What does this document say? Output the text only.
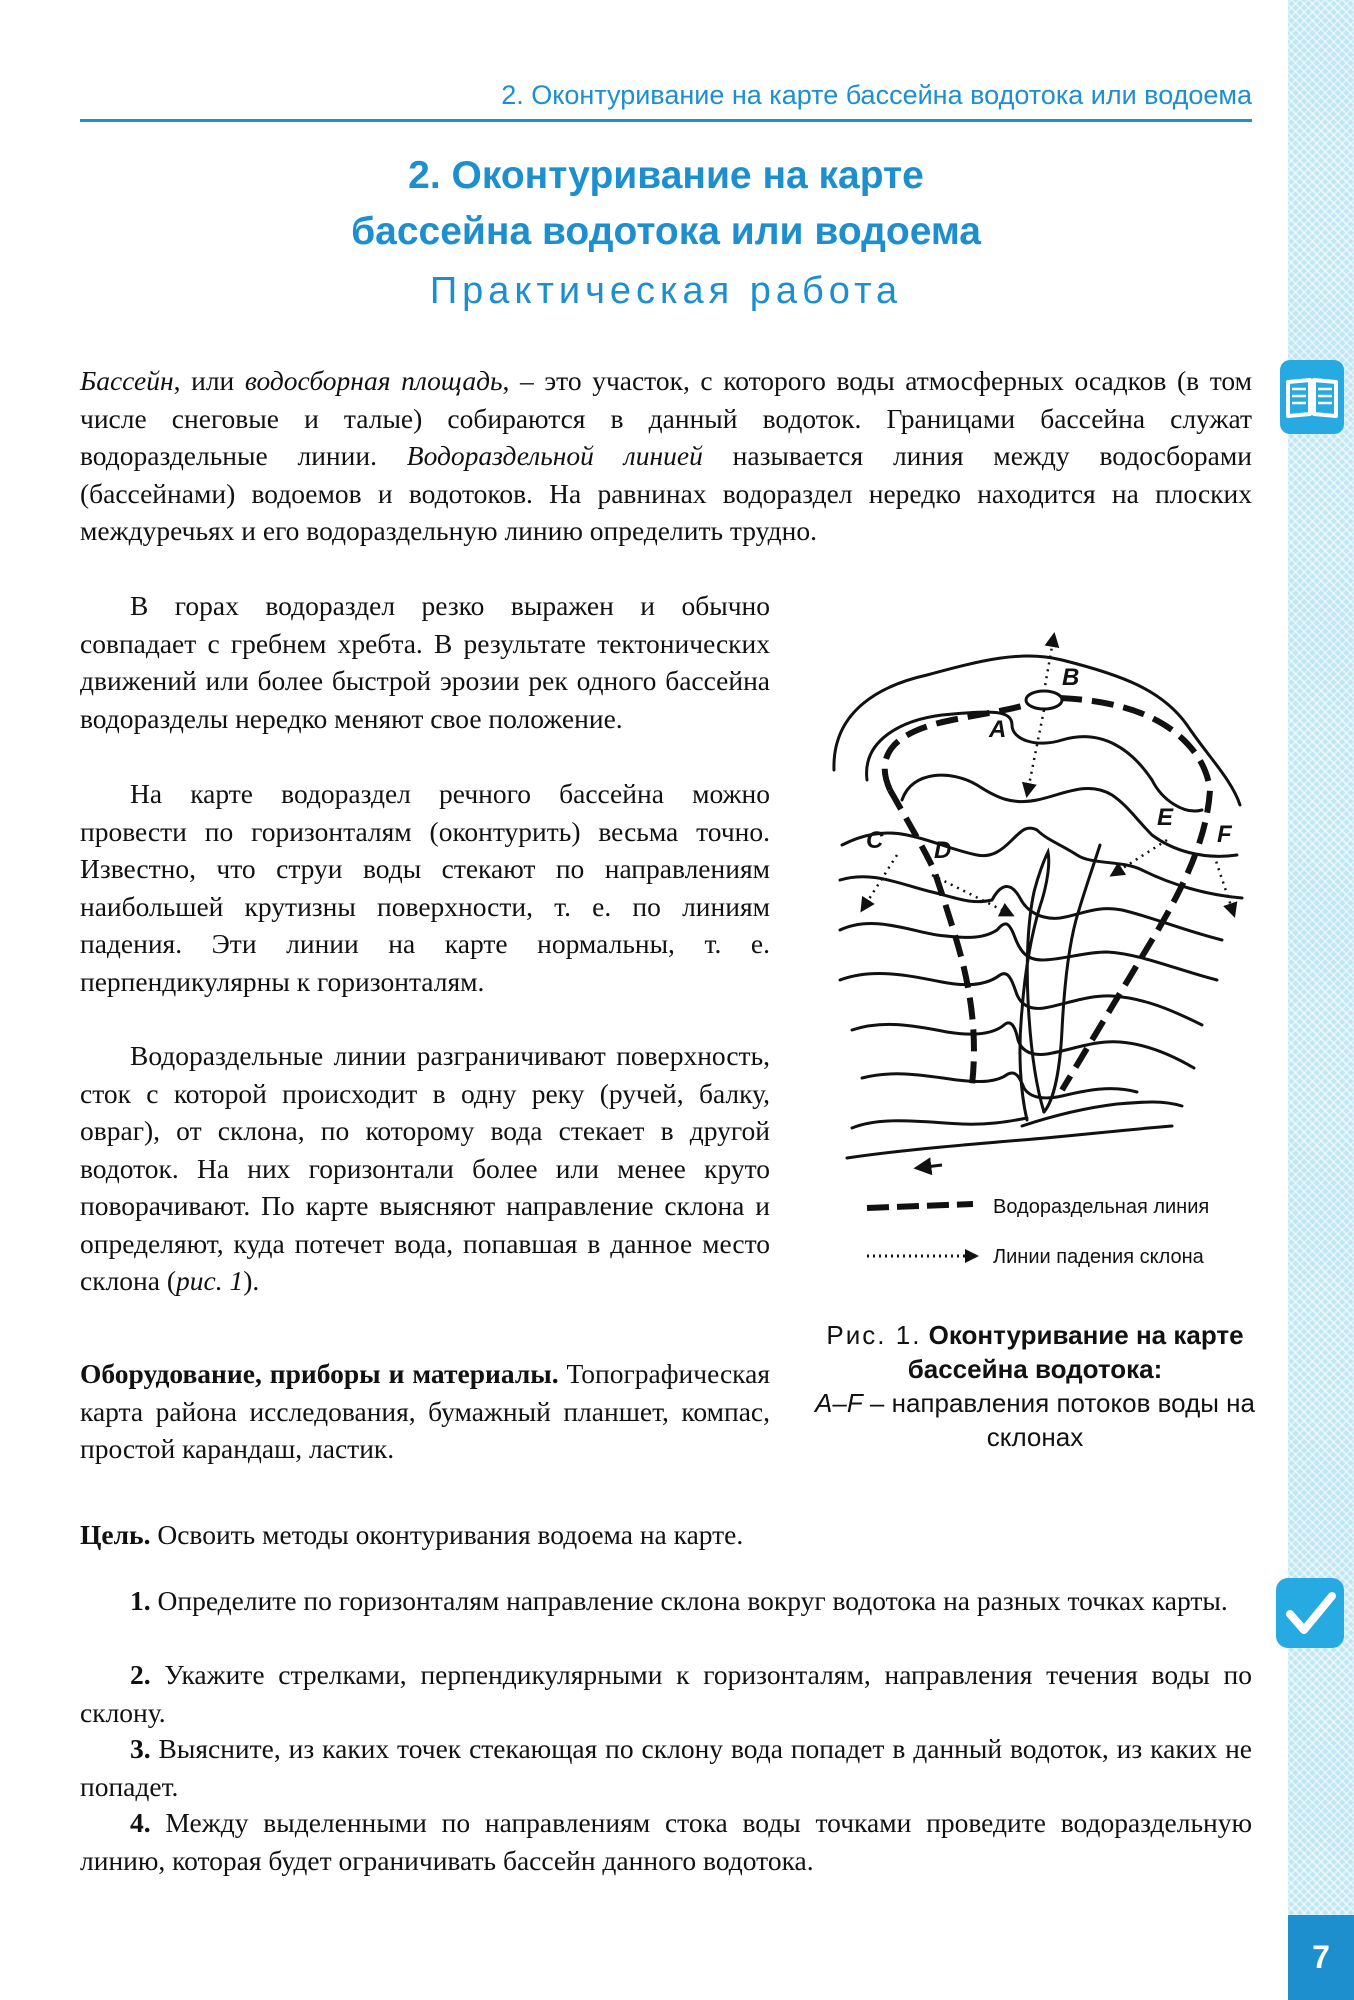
2. Оконтуривание на карте бассейна водотока или водоема
2. Оконтуривание на карте
бассейна водотока или водоема
Практическая работа

Бассейн, или водосборная площадь, – это участок, с которого воды атмосферных осадков (в том числе снеговые и талые) собираются в данный водоток. Границами бассейна служат водораздельные линии. Водораздельной линией называется линия между водосборами (бассейнами) водоемов и водотоков. На равнинах водораздел нередко находится на плоских междуречьях и его водораздельную линию определить трудно.

В горах водораздел резко выражен и обычно совпадает с гребнем хребта. В результате тектонических движений или более быстрой эрозии рек одного бассейна водоразделы нередко меняют свое положение.

На карте водораздел речного бассейна можно провести по горизонталям (оконтурить) весьма точно. Известно, что струи воды стекают по направлениям наибольшей крутизны поверхности, т. е. по линиям падения. Эти линии на карте нормальны, т. е. перпендикулярны к горизонталям.

Водораздельные линии разграничивают поверхность, сток с которой происходит в одну реку (ручей, балку, овраг), от склона, по которому вода стекает в другой водоток. На них горизонтали более или менее круто поворачивают. По карте выясняют направление склона и определяют, куда потечет вода, попавшая в данное место склона (рис. 1).

Оборудование, приборы и материалы. Топографическая карта района исследования, бумажный планшет, компас, простой карандаш, ластик.

Цель. Освоить методы оконтуривания водоема на карте.

1. Определите по горизонталям направление склона вокруг водотока на разных точках карты.

2. Укажите стрелками, перпендикулярными к горизонталям, направления течения воды по склону.

3. Выясните, из каких точек стекающая по склону вода попадет в данный водоток, из каких не попадет.

4. Между выделенными по направлениям стока воды точками проведите водораздельную линию, которая будет ограничивать бассейн данного водотока.

A
B
C D
E
F
Водораздельная линия
Линии падения склона
Рис. 1. Оконтуривание на карте бассейна водотока:
A–F – направления потоков воды на склонах
7
